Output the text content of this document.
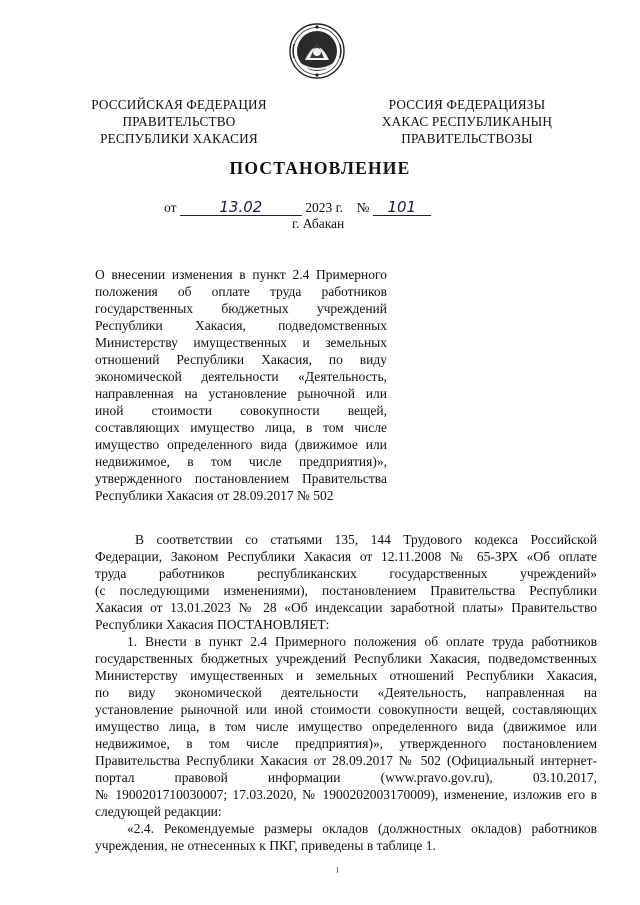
РОССИЙСКАЯ ФЕДЕРАЦИЯ
ПРАВИТЕЛЬСТВО
РЕСПУБЛИКИ ХАКАСИЯ
РОССИЯ ФЕДЕРАЦИЯЗЫ
ХАКАС РЕСПУБЛИКАНЫҢ
ПРАВИТЕЛЬСТВОЗЫ
ПОСТАНОВЛЕНИЕ
от	13.02	2023 г. № 101
г. Абакан
О внесении изменения в пункт 2.4 Примерного
положения об оплате труда работников
государственных бюджетных учреждений
Республики Хакасия, подведомственных
Министерству имущественных и земельных
отношений Республики Хакасия, по виду
экономической деятельности «Деятельность,
направленная на установление рыночной или
иной стоимости совокупности вещей,
составляющих имущество лица, в том числе
имущество определенного вида (движимое или
недвижимое, в том числе предприятия)»,
утвержденного постановлением Правительства
Республики Хакасия от 28.09.2017 № 502
В соответствии со статьями 135, 144 Трудового кодекса Российской
Федерации, Законом Республики Хакасия от 12.11.2008 № 65-ЗРХ «Об оплате
труда работников республиканских государственных учреждений»
(с последующими изменениями), постановлением Правительства Республики
Хакасия от 13.01.2023 № 28 «Об индексации заработной платы» Правительство
Республики Хакасия ПОСТАНОВЛЯЕТ:
1. Внести в пункт 2.4 Примерного положения об оплате труда работников
государственных бюджетных учреждений Республики Хакасия, подведомственных
Министерству имущественных и земельных отношений Республики Хакасия,
по виду экономической деятельности «Деятельность, направленная на
установление рыночной или иной стоимости совокупности вещей, составляющих
имущество лица, в том числе имущество определенного вида (движимое или
недвижимое, в том числе предприятия)», утвержденного постановлением
Правительства Республики Хакасия от 28.09.2017 № 502 (Официальный интернет-
портал правовой информации (www.pravo.gov.ru), 03.10.2017,
№ 1900201710030007; 17.03.2020, № 1900202003170009), изменение, изложив его в
следующей редакции:
«2.4. Рекомендуемые размеры окладов (должностных окладов) работников
учреждения, не отнесенных к ПКГ, приведены в таблице 1.
